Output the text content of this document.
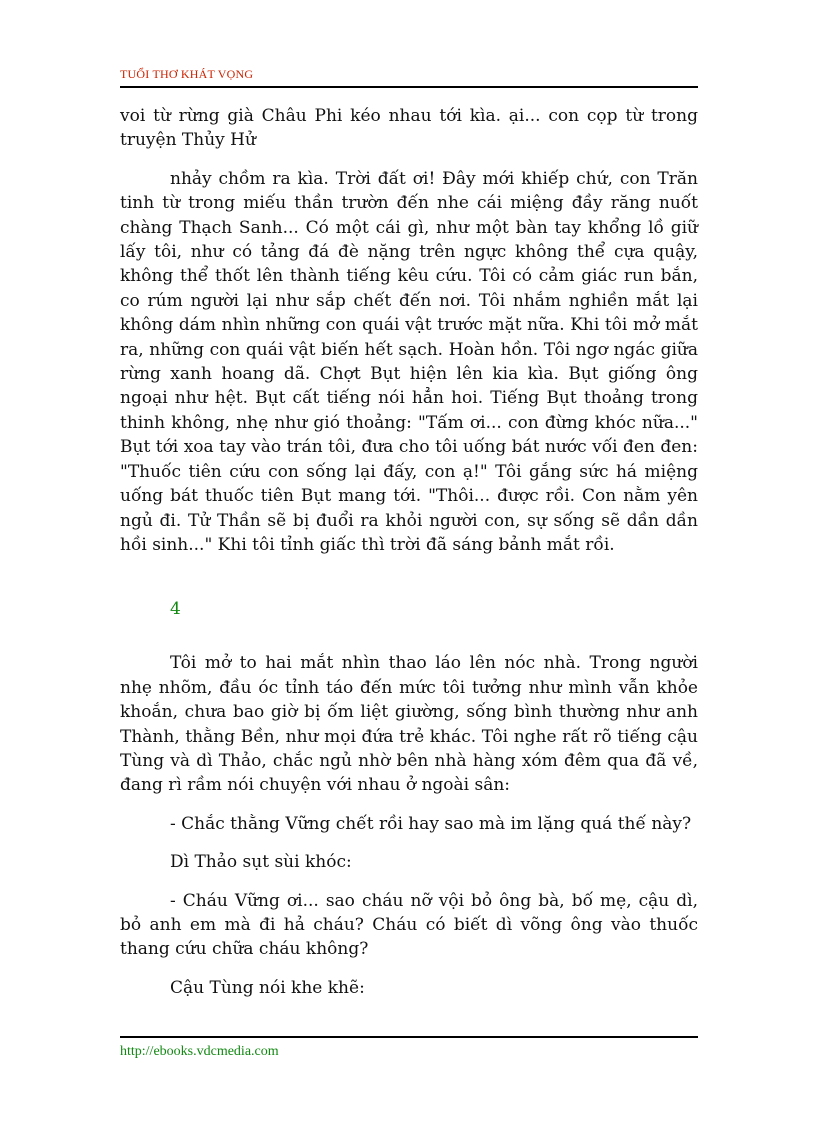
TUỔI THƠ KHÁT VỌNG

voi từ rừng già Châu Phi kéo nhau tới kìa. ại... con cọp từ trong truyện Thủy Hử

nhảy chồm ra kìa. Trời đất ơi! Đây mới khiếp chứ, con Trăn tinh từ trong miếu thần trườn đến nhe cái miệng đầy răng nuốt chàng Thạch Sanh... Có một cái gì, như một bàn tay khổng lồ giữ lấy tôi, như có tảng đá đè nặng trên ngực không thể cựa quậy, không thể thốt lên thành tiếng kêu cứu. Tôi có cảm giác run bắn, co rúm người lại như sắp chết đến nơi. Tôi nhắm nghiền mắt lại không dám nhìn những con quái vật trước mặt nữa. Khi tôi mở mắt ra, những con quái vật biến hết sạch. Hoàn hồn. Tôi ngơ ngác giữa rừng xanh hoang dã. Chợt Bụt hiện lên kia kìa. Bụt giống ông ngoại như hệt. Bụt cất tiếng nói hẳn hoi. Tiếng Bụt thoảng trong thinh không, nhẹ như gió thoảng: "Tấm ơi... con đừng khóc nữa..." Bụt tới xoa tay vào trán tôi, đưa cho tôi uống bát nước vối đen đen: "Thuốc tiên cứu con sống lại đấy, con ạ!" Tôi gắng sức há miệng uống bát thuốc tiên Bụt mang tới. "Thôi... được rồi. Con nằm yên ngủ đi. Tử Thần sẽ bị đuổi ra khỏi người con, sự sống sẽ dần dần hồi sinh..." Khi tôi tỉnh giấc thì trời đã sáng bảnh mắt rồi.

4

Tôi mở to hai mắt nhìn thao láo lên nóc nhà. Trong người nhẹ nhõm, đầu óc tỉnh táo đến mức tôi tưởng như mình vẫn khỏe khoắn, chưa bao giờ bị ốm liệt giường, sống bình thường như anh Thành, thằng Bền, như mọi đứa trẻ khác. Tôi nghe rất rõ tiếng cậu Tùng và dì Thảo, chắc ngủ nhờ bên nhà hàng xóm đêm qua đã về, đang rì rầm nói chuyện với nhau ở ngoài sân:

- Chắc thằng Vững chết rồi hay sao mà im lặng quá thế này?

Dì Thảo sụt sùi khóc:

- Cháu Vững ơi... sao cháu nỡ vội bỏ ông bà, bố mẹ, cậu dì, bỏ anh em mà đi hả cháu? Cháu có biết dì võng ông vào thuốc thang cứu chữa cháu không?

Cậu Tùng nói khe khẽ:

http://ebooks.vdcmedia.com
